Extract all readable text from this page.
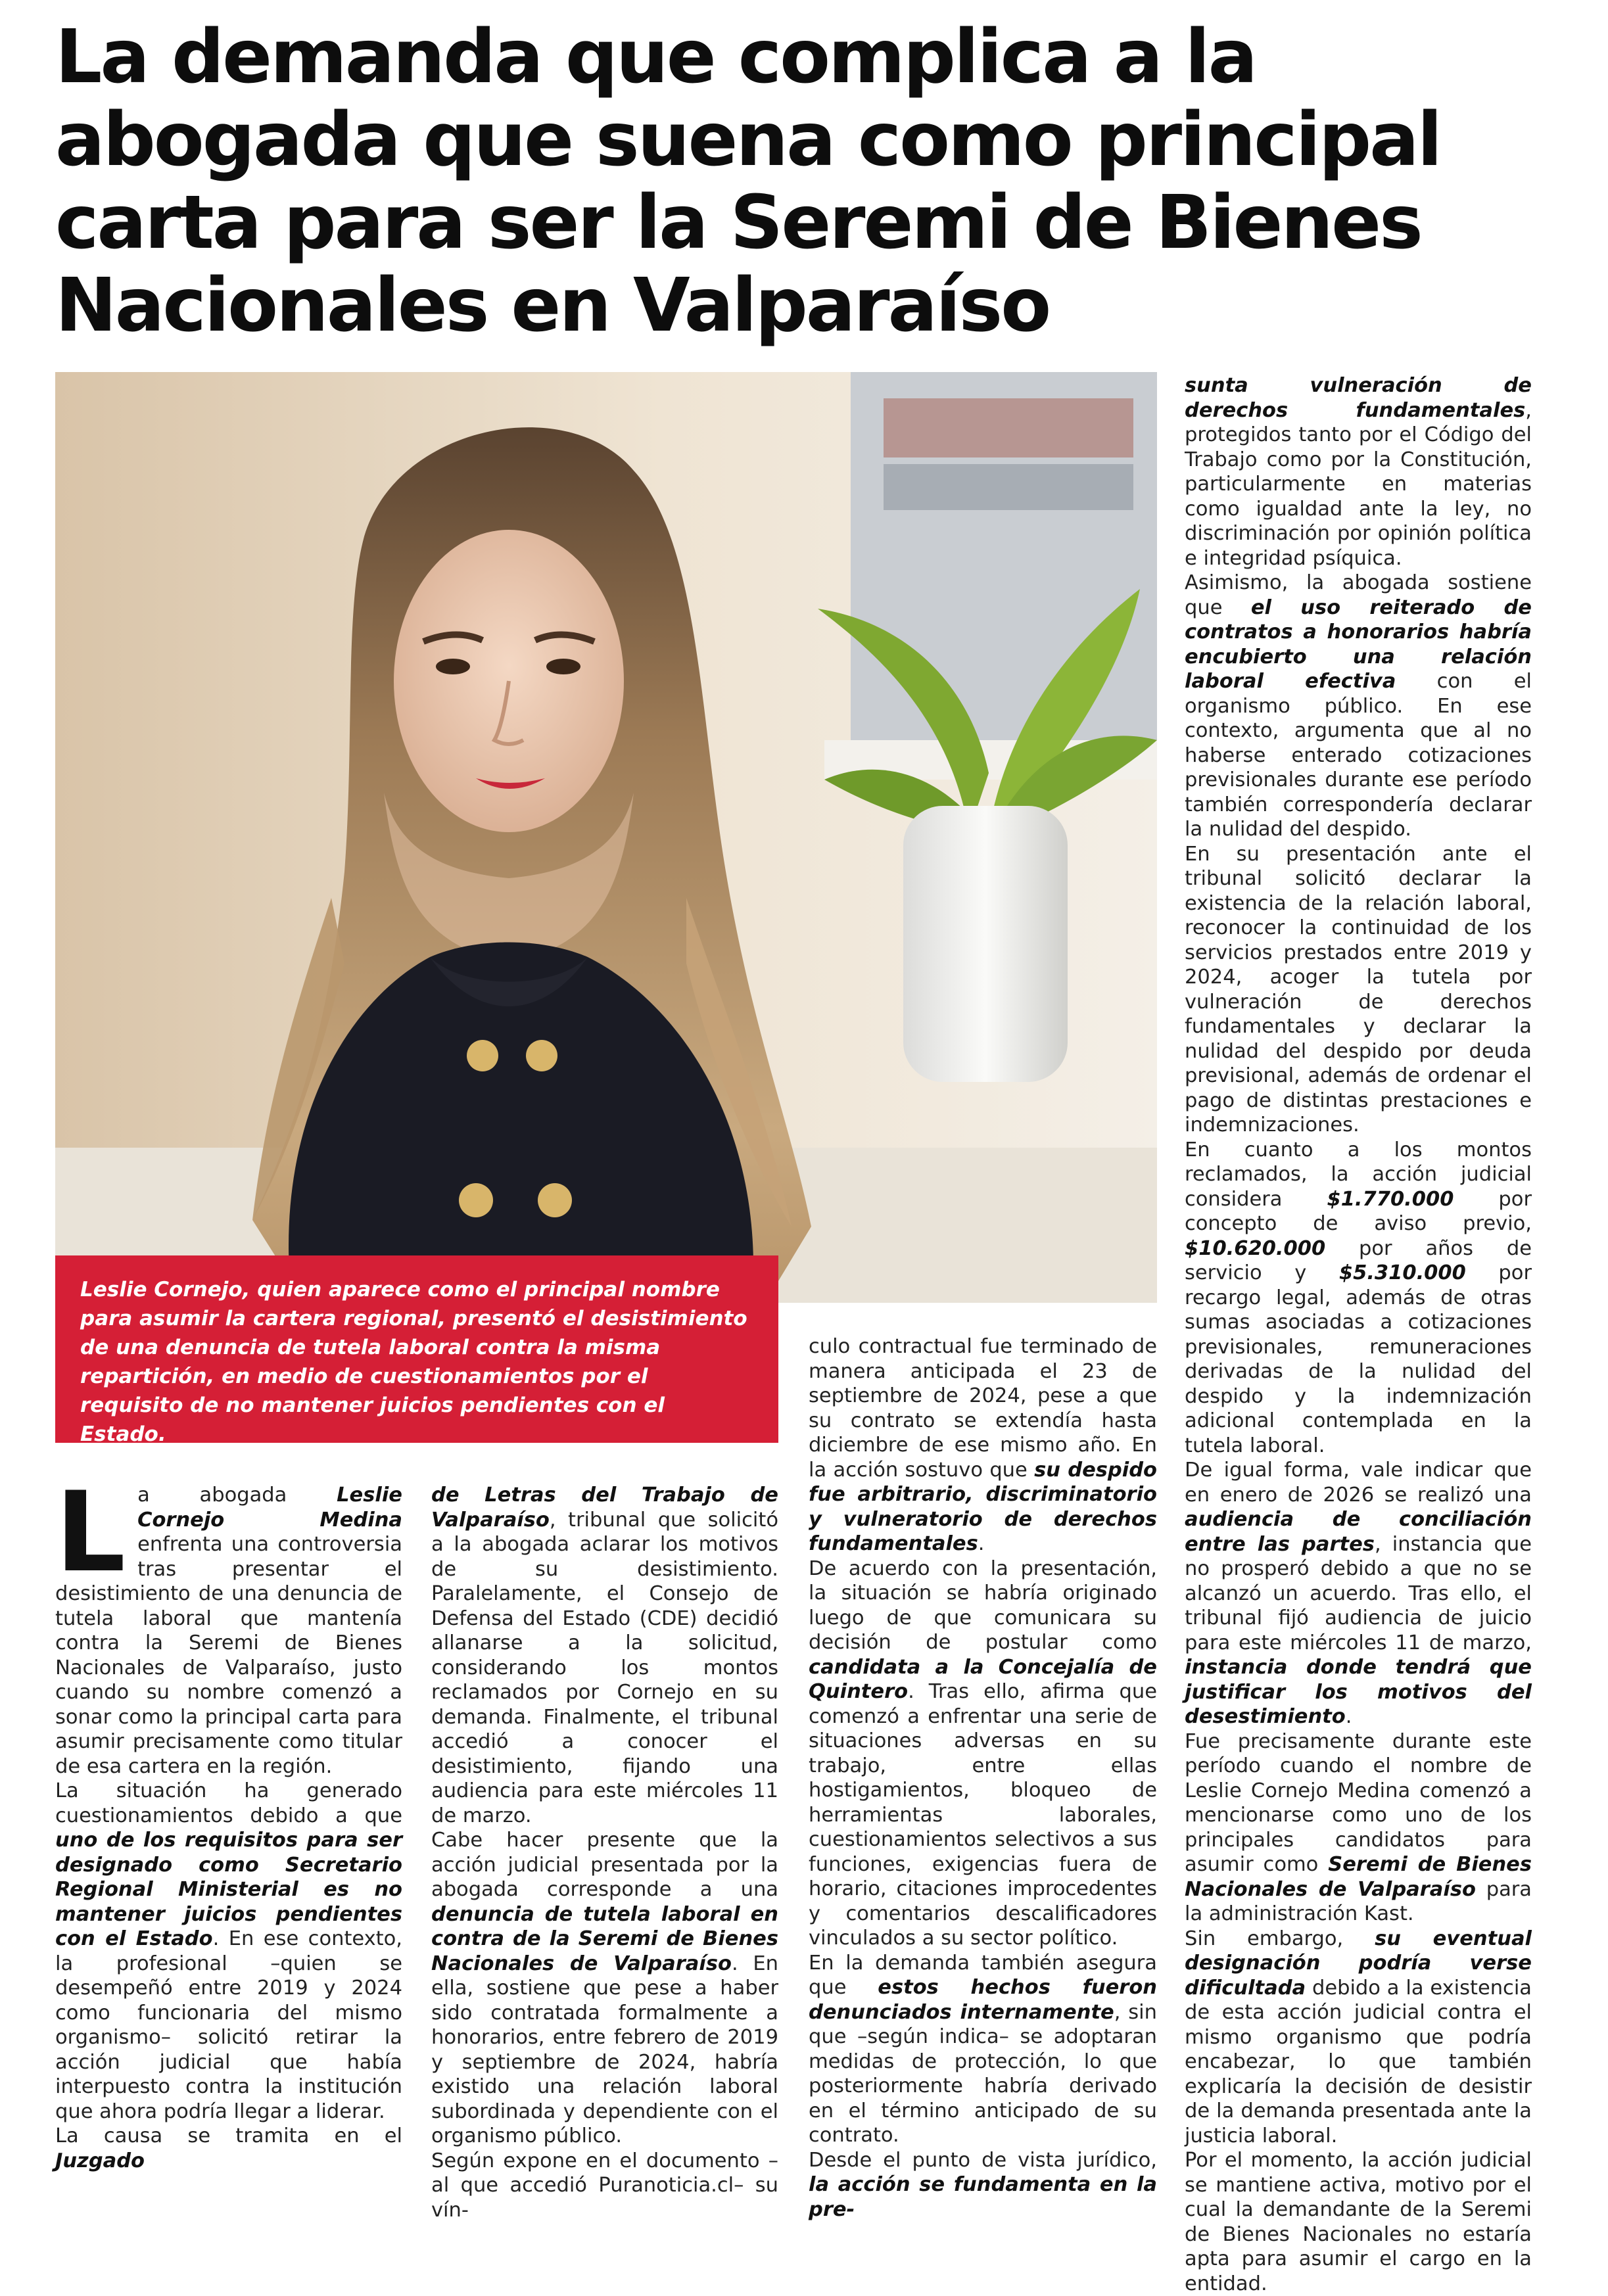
La demanda que complica a la abogada que suena como principal carta para ser la Seremi de Bienes Nacionales en Valparaíso
Leslie Cornejo, quien aparece como el principal nombre para asumir la cartera regional, presentó el desistimiento de una denuncia de tutela laboral contra la misma repartición, en medio de cuestionamientos por el requisito de no mantener juicios pendientes con el Estado.

La abogada Leslie Cornejo Medina enfrenta una controversia tras presentar el desistimiento de una denuncia de tutela laboral que mantenía contra la Seremi de Bienes Nacionales de Valparaíso, justo cuando su nombre comenzó a sonar como la principal carta para asumir precisamente como titular de esa cartera en la región.

La situación ha generado cuestionamientos debido a que uno de los requisitos para ser designado como Secretario Regional Ministerial es no mantener juicios pendientes con el Estado. En ese contexto, la profesional –quien se desempeñó entre 2019 y 2024 como funcionaria del mismo organismo– solicitó retirar la acción judicial que había interpuesto contra la institución que ahora podría llegar a liderar.

La causa se tramita en el Juzgado

de Letras del Trabajo de Valparaíso, tribunal que solicitó a la abogada aclarar los motivos de su desistimiento. Paralelamente, el Consejo de Defensa del Estado (CDE) decidió allanarse a la solicitud, considerando los montos reclamados por Cornejo en su demanda. Finalmente, el tribunal accedió a conocer el desistimiento, fijando una audiencia para este miércoles 11 de marzo.

Cabe hacer presente que la acción judicial presentada por la abogada corresponde a una denuncia de tutela laboral en contra de la Seremi de Bienes Nacionales de Valparaíso. En ella, sostiene que pese a haber sido contratada formalmente a honorarios, entre febrero de 2019 y septiembre de 2024, habría existido una relación laboral subordinada y dependiente con el organismo público.

Según expone en el documento –al que accedió Puranoticia.cl– su vín-

culo contractual fue terminado de manera anticipada el 23 de septiembre de 2024, pese a que su contrato se extendía hasta diciembre de ese mismo año. En la acción sostuvo que su despido fue arbitrario, discriminatorio y vulneratorio de derechos fundamentales.

De acuerdo con la presentación, la situación se habría originado luego de que comunicara su decisión de postular como candidata a la Concejalía de Quintero. Tras ello, afirma que comenzó a enfrentar una serie de situaciones adversas en su trabajo, entre ellas hostigamientos, bloqueo de herramientas laborales, cuestionamientos selectivos a sus funciones, exigencias fuera de horario, citaciones improcedentes y comentarios descalificadores vinculados a su sector político.

En la demanda también asegura que estos hechos fueron denunciados internamente, sin que –según indica– se adoptaran medidas de protección, lo que posteriormente habría derivado en el término anticipado de su contrato.

Desde el punto de vista jurídico, la acción se fundamenta en la pre-

sunta vulneración de derechos fundamentales, protegidos tanto por el Código del Trabajo como por la Constitución, particularmente en materias como igualdad ante la ley, no discriminación por opinión política e integridad psíquica.

Asimismo, la abogada sostiene que el uso reiterado de contratos a honorarios habría encubierto una relación laboral efectiva con el organismo público. En ese contexto, argumenta que al no haberse enterado cotizaciones previsionales durante ese período también correspondería declarar la nulidad del despido.

En su presentación ante el tribunal solicitó declarar la existencia de la relación laboral, reconocer la continuidad de los servicios prestados entre 2019 y 2024, acoger la tutela por vulneración de derechos fundamentales y declarar la nulidad del despido por deuda previsional, además de ordenar el pago de distintas prestaciones e indemnizaciones.

En cuanto a los montos reclamados, la acción judicial considera $1.770.000 por concepto de aviso previo, $10.620.000 por años de servicio y $5.310.000 por recargo legal, además de otras sumas asociadas a cotizaciones previsionales, remuneraciones derivadas de la nulidad del despido y la indemnización adicional contemplada en la tutela laboral.

De igual forma, vale indicar que en enero de 2026 se realizó una audiencia de conciliación entre las partes, instancia que no prosperó debido a que no se alcanzó un acuerdo. Tras ello, el tribunal fijó audiencia de juicio para este miércoles 11 de marzo, instancia donde tendrá que justificar los motivos del desestimiento.

Fue precisamente durante este período cuando el nombre de Leslie Cornejo Medina comenzó a mencionarse como uno de los principales candidatos para asumir como Seremi de Bienes Nacionales de Valparaíso para la administración Kast.

Sin embargo, su eventual designación podría verse dificultada debido a la existencia de esta acción judicial contra el mismo organismo que podría encabezar, lo que también explicaría la decisión de desistir de la demanda presentada ante la justicia laboral.

Por el momento, la acción judicial se mantiene activa, motivo por el cual la demandante de la Seremi de Bienes Nacionales no estaría apta para asumir el cargo en la entidad.
